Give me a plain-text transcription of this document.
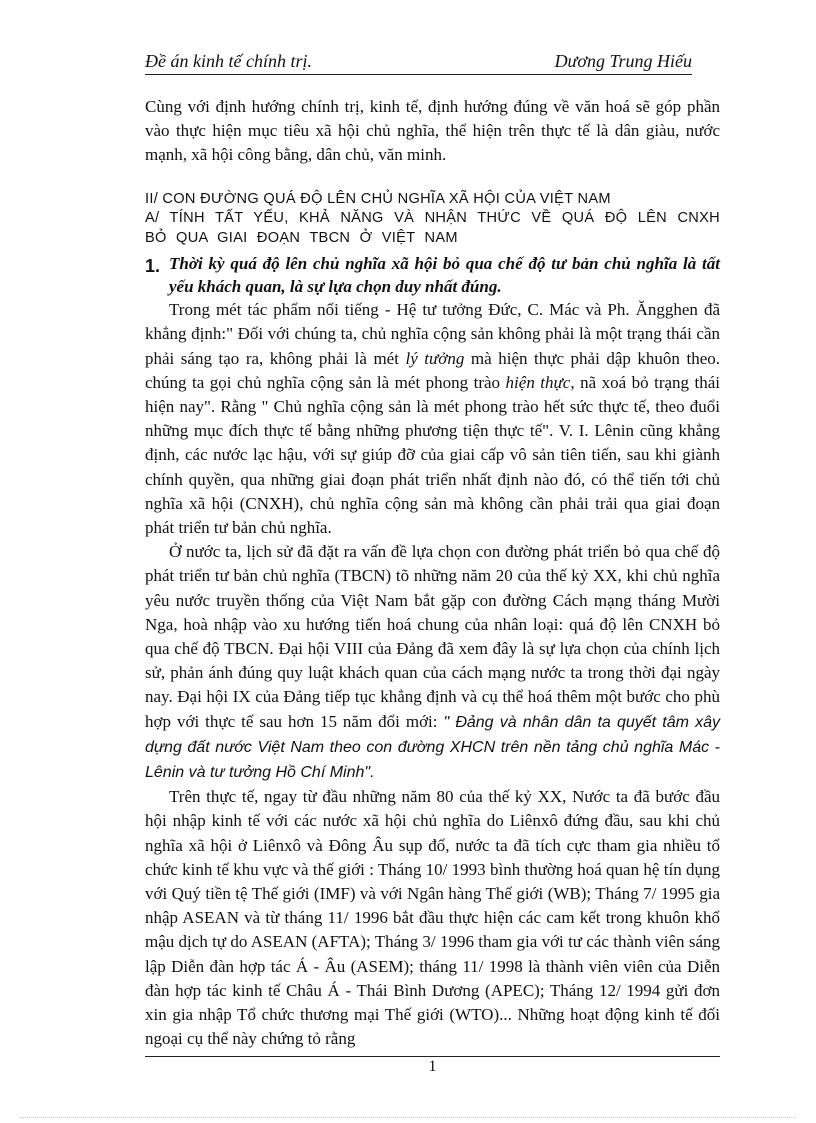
Đề án kinh tế chính trị.	Dương Trung Hiếu

Cùng với định hướng chính trị, kinh tế, định hướng đúng về văn hoá sẽ góp phần vào thực hiện mục tiêu xã hội chủ nghĩa, thể hiện trên thực tế là dân giàu, nước mạnh, xã hội công bằng, dân chủ, văn minh.

II/ CON ĐƯỜNG QUÁ ĐỘ LÊN CHỦ NGHĨA XÃ HỘI CỦA VIỆT NAM

A/ TÍNH TẤT YẾU, KHẢ NĂNG VÀ NHẬN THỨC VỀ QUÁ ĐỘ LÊN CNXH BỎ QUA GIAI ĐOẠN TBCN Ở VIỆT NAM

1. Thời kỳ quá độ lên chủ nghĩa xã hội bỏ qua chế độ tư bản chủ nghĩa là tất yếu khách quan, là sự lựa chọn duy nhất đúng.

Trong mét tác phẩm nổi tiếng - Hệ tư tưởng Đức, C. Mác và Ph. Ăngghen đã khẳng định:" Đối với chúng ta, chủ nghĩa cộng sản không phải là một trạng thái cần phải sáng tạo ra, không phải là mét lý tưởng mà hiện thực phải dập khuôn theo. chúng ta gọi chủ nghĩa cộng sản là mét phong trào hiện thực, nã xoá bỏ trạng thái hiện nay". Rằng " Chủ nghĩa cộng sản là mét phong trào hết sức thực tế, theo đuổi những mục đích thực tế bằng những phương tiện thực tế". V. I. Lênin cũng khẳng định, các nước lạc hậu, với sự giúp đỡ của giai cấp vô sản tiên tiến, sau khi giành chính quyền, qua những giai đoạn phát triển nhất định nào đó, có thể tiến tới chủ nghĩa xã hội (CNXH), chủ nghĩa cộng sản mà không cần phải trải qua giai đoạn phát triển tư bản chủ nghĩa.

Ở nước ta, lịch sử đã đặt ra vấn đề lựa chọn con đường phát triển bỏ qua chế độ phát triển tư bản chủ nghĩa (TBCN) tõ những năm 20 của thế kỷ XX, khi chủ nghĩa yêu nước truyền thống của Việt Nam bắt gặp con đường Cách mạng tháng Mười Nga, hoà nhập vào xu hướng tiến hoá chung của nhân loại: quá độ lên CNXH bỏ qua chế độ TBCN. Đại hội VIII của Đảng đã xem đây là sự lựa chọn của chính lịch sử, phản ánh đúng quy luật khách quan của cách mạng nước ta trong thời đại ngày nay. Đại hội IX của Đảng tiếp tục khẳng định và cụ thể hoá thêm một bước cho phù hợp với thực tế sau hơn 15 năm đổi mới: " Đảng và nhân dân ta quyết tâm xây dựng đất nước Việt Nam theo con đường XHCN trên nền tảng chủ nghĩa Mác - Lênin và tư tưởng Hồ Chí Minh".

Trên thực tế, ngay từ đầu những năm 80 của thế kỷ XX, Nước ta đã bước đầu hội nhập kinh tế với các nước xã hội chủ nghĩa do Liênxô đứng đầu, sau khi chủ nghĩa xã hội ở Liênxô và Đông Âu sụp đổ, nước ta đã tích cực tham gia nhiều tổ chức kinh tế khu vực và thế giới : Tháng 10/ 1993 bình thường hoá quan hệ tín dụng với Quý tiền tệ Thế giới (IMF) và với Ngân hàng Thế giới (WB); Tháng 7/ 1995 gia nhập ASEAN và từ tháng 11/ 1996 bắt đầu thực hiện các cam kết trong khuôn khổ mậu dịch tự do ASEAN (AFTA); Tháng 3/ 1996 tham gia với tư các thành viên sáng lập Diễn đàn hợp tác Á - Âu (ASEM); tháng 11/ 1998 là thành viên viên của Diễn đàn hợp tác kinh tế Châu Á - Thái Bình Dương (APEC); Tháng 12/ 1994 gửi đơn xin gia nhập Tổ chức thương mại Thế giới (WTO)... Những hoạt động kinh tế đối ngoại cụ thể này chứng tỏ rằng

1
